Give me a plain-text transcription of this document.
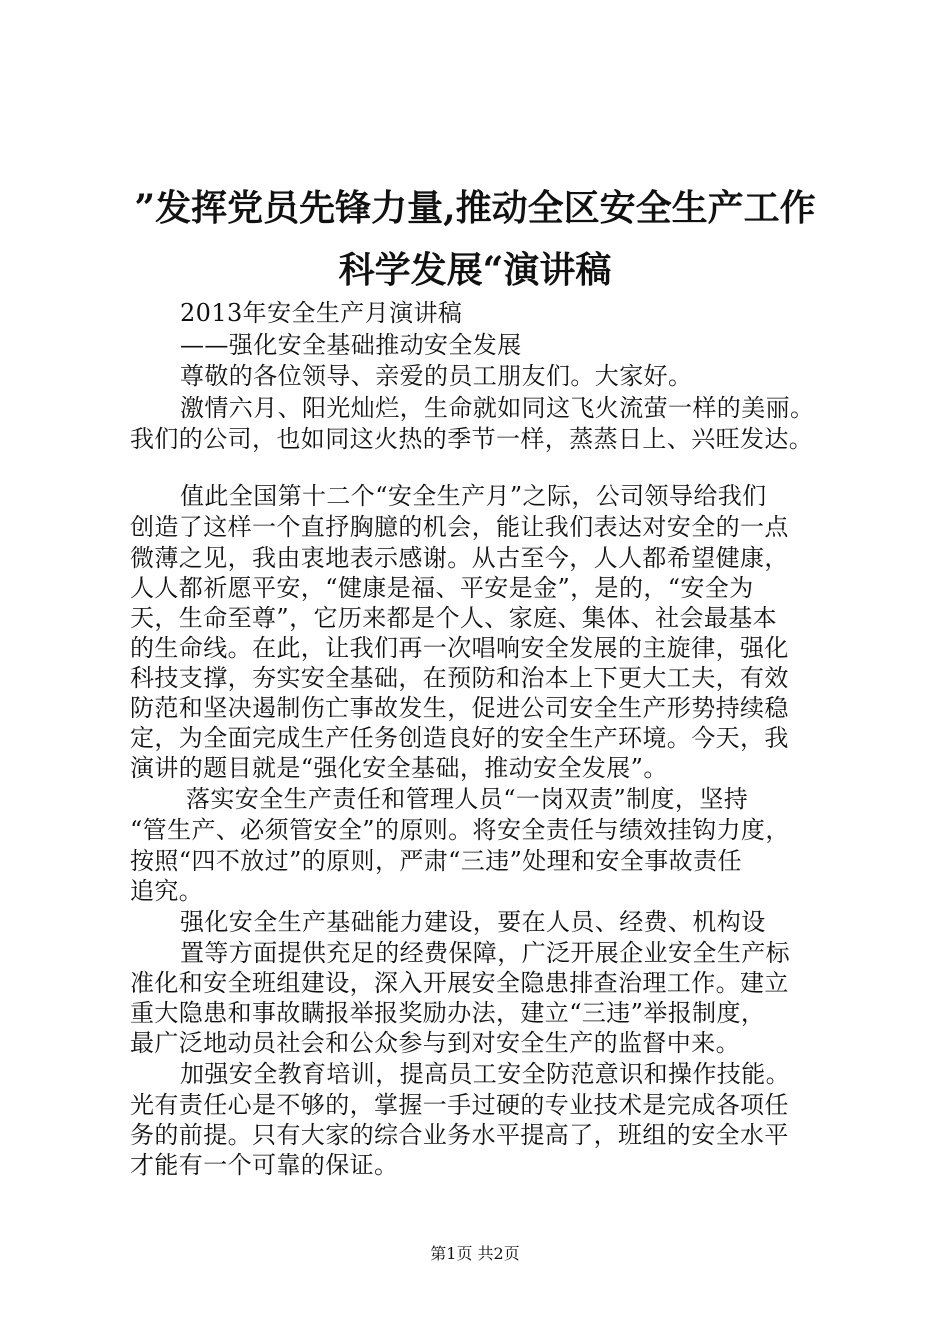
”发挥党员先锋力量,推动全区安全生产工作
科学发展“演讲稿
2013年安全生产月演讲稿
——强化安全基础推动安全发展
尊敬的各位领导、亲爱的员工朋友们。大家好。
激情六月、阳光灿烂，生命就如同这飞火流萤一样的美丽。
我们的公司，也如同这火热的季节一样，蒸蒸日上、兴旺发达。
值此全国第十二个“安全生产月”之际，公司领导给我们
创造了这样一个直抒胸臆的机会，能让我们表达对安全的一点
微薄之见，我由衷地表示感谢。从古至今，人人都希望健康，
人人都祈愿平安，“健康是福、平安是金”，是的，“安全为
天，生命至尊”，它历来都是个人、家庭、集体、社会最基本
的生命线。在此，让我们再一次唱响安全发展的主旋律，强化
科技支撑，夯实安全基础，在预防和治本上下更大工夫，有效
防范和坚决遏制伤亡事故发生，促进公司安全生产形势持续稳
定，为全面完成生产任务创造良好的安全生产环境。今天，我
演讲的题目就是“强化安全基础，推动安全发展”。
落实安全生产责任和管理人员“一岗双责”制度，坚持
“管生产、必须管安全”的原则。将安全责任与绩效挂钩力度，
按照“四不放过”的原则，严肃“三违”处理和安全事故责任
追究。
强化安全生产基础能力建设，要在人员、经费、机构设
置等方面提供充足的经费保障，广泛开展企业安全生产标
准化和安全班组建设，深入开展安全隐患排查治理工作。建立
重大隐患和事故瞒报举报奖励办法，建立“三违”举报制度，
最广泛地动员社会和公众参与到对安全生产的监督中来。
加强安全教育培训，提高员工安全防范意识和操作技能。
光有责任心是不够的，掌握一手过硬的专业技术是完成各项任
务的前提。只有大家的综合业务水平提高了，班组的安全水平
才能有一个可靠的保证。
第1页 共2页
